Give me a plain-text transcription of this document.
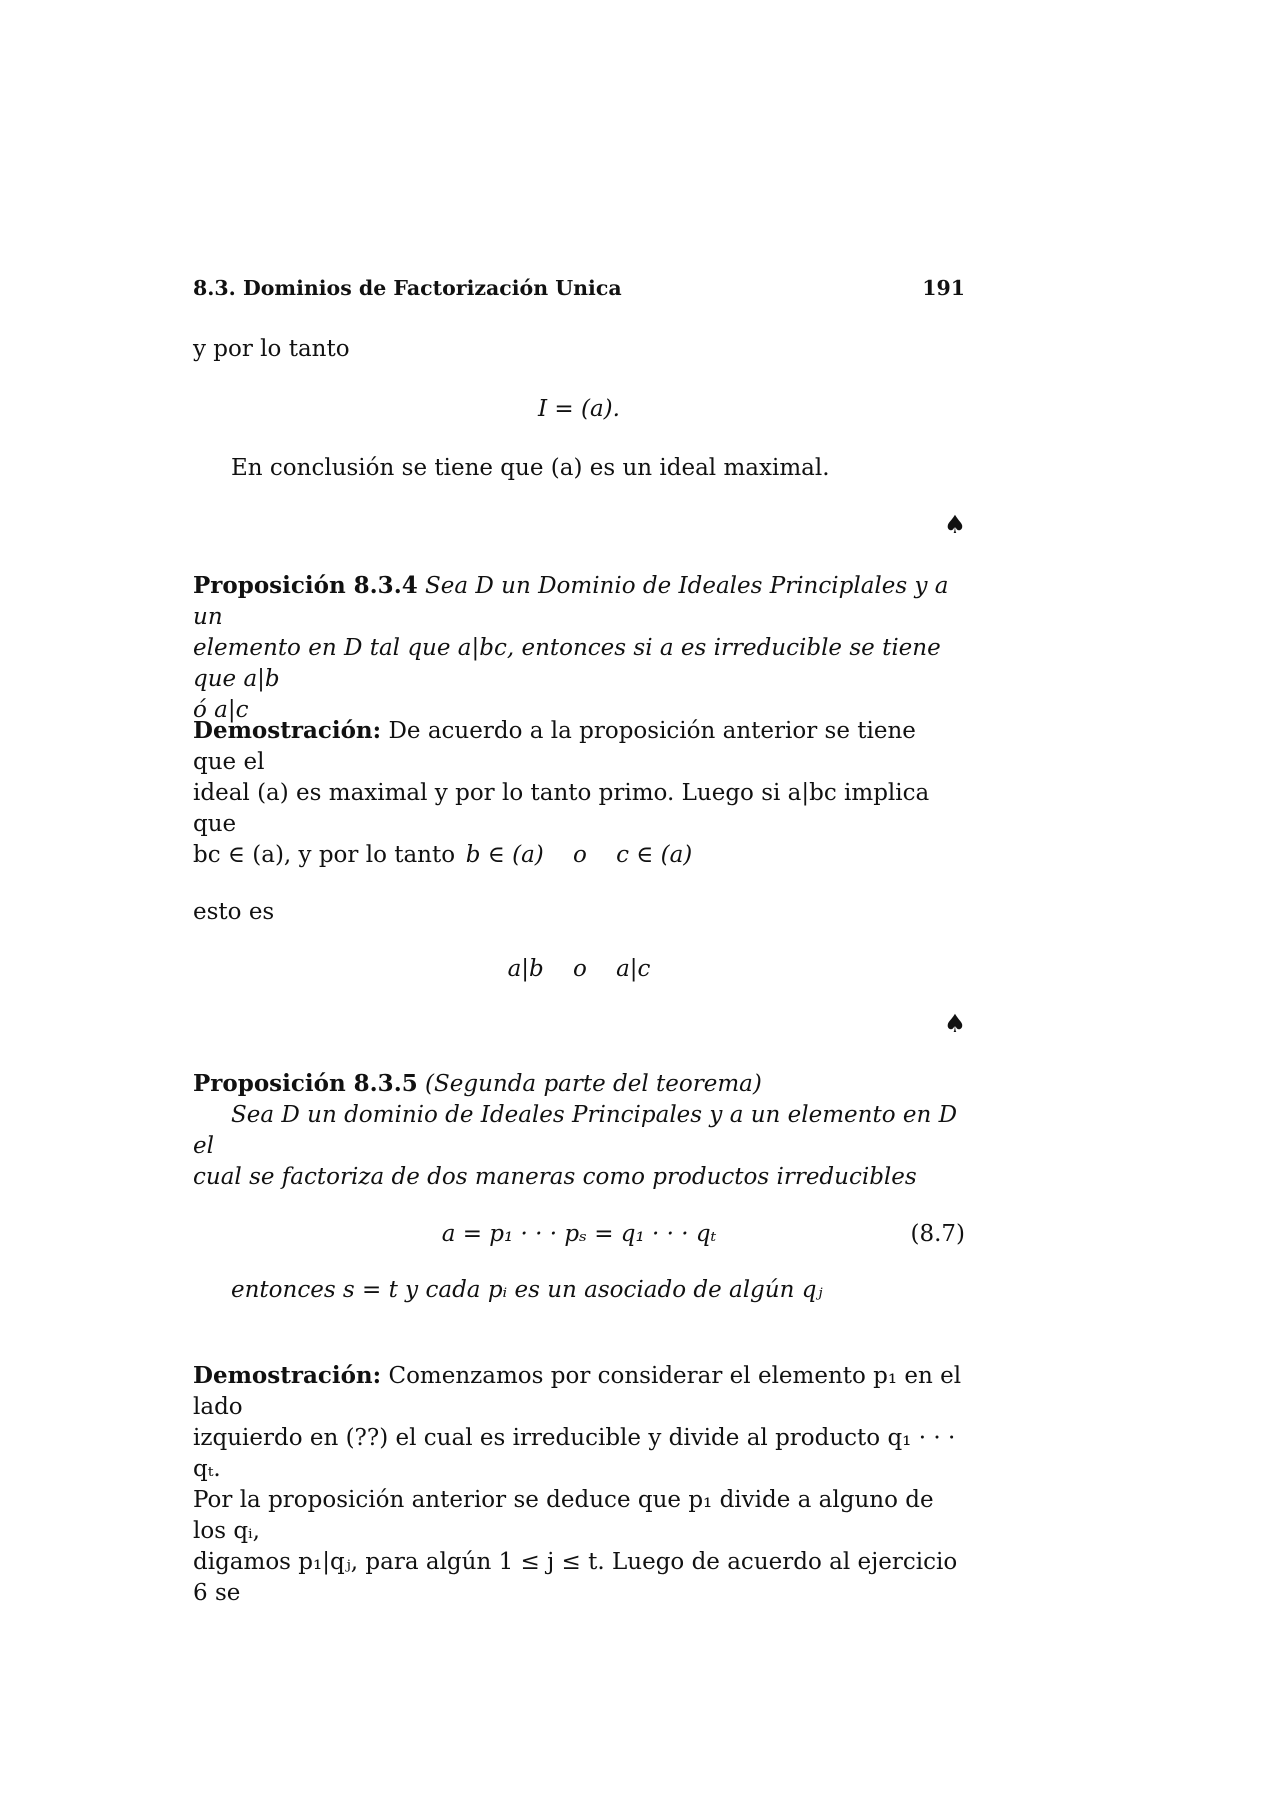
8.3. Dominios de Factorización Unica	191

y por lo tanto

I = (a).

En conclusión se tiene que (a) es un ideal maximal.

♠
Proposición 8.3.4 Sea D un Dominio de Ideales Principlales y a un
elemento en D tal que a|bc, entonces si a es irreducible se tiene que a|b
ó a|c
Demostración: De acuerdo a la proposición anterior se tiene que el
ideal (a) es maximal y por lo tanto primo. Luego si a|bc implica que
bc ∈ (a), y por lo tanto b ∈ (a)    o    c ∈ (a)

esto es

a|b    o    a|c

♠
Proposición 8.3.5 (Segunda parte del teorema)
Sea D un dominio de Ideales Principales y a un elemento en D el
cual se factoriza de dos maneras como productos irreducibles
a = p₁ · · · pₛ = q₁ · · · qₜ	(8.7)

entonces s = t y cada pᵢ es un asociado de algún qⱼ

Demostración: Comenzamos por considerar el elemento p₁ en el lado
izquierdo en (??) el cual es irreducible y divide al producto q₁ · · · qₜ.
Por la proposición anterior se deduce que p₁ divide a alguno de los qᵢ,
digamos p₁|qⱼ, para algún 1 ≤ j ≤ t. Luego de acuerdo al ejercicio 6 se
